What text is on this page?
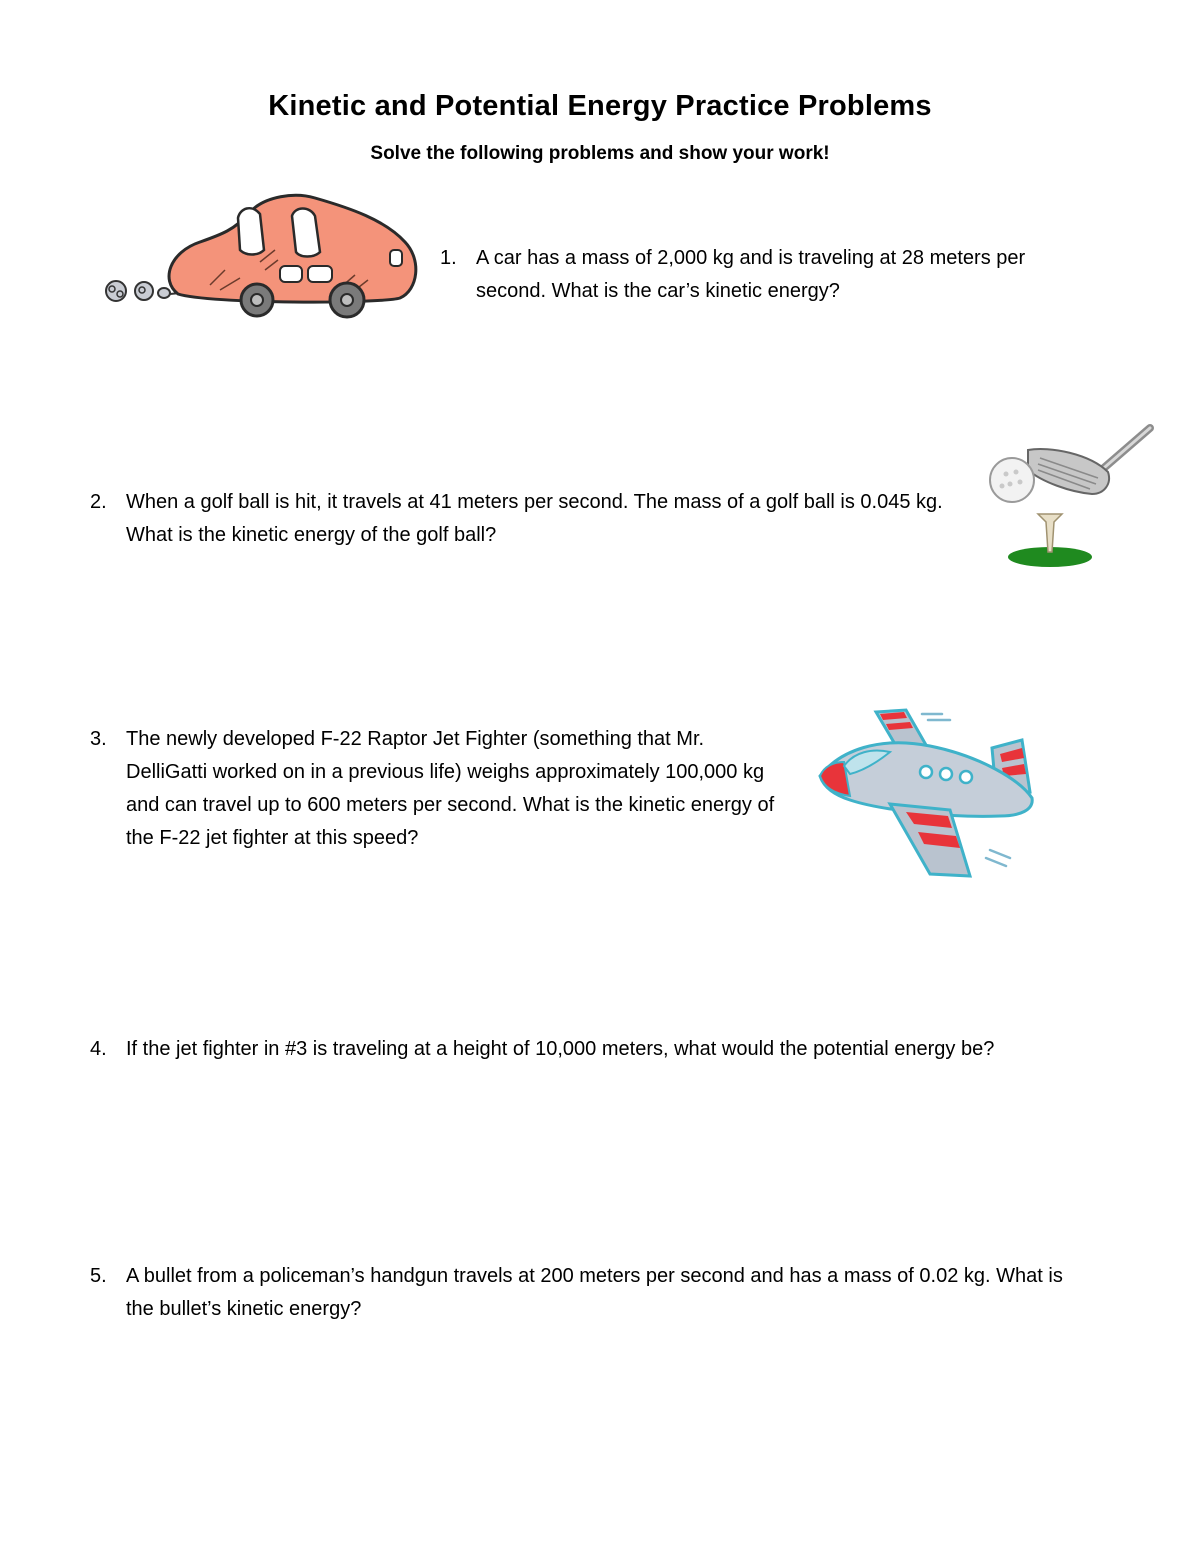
Kinetic and Potential Energy Practice Problems

Solve the following problems and show your work!

1. A car has a mass of 2,000 kg and is traveling at 28 meters per second. What is the car’s kinetic energy?
2. When a golf ball is hit, it travels at 41 meters per second. The mass of a golf ball is 0.045 kg. What is the kinetic energy of the golf ball?
3. The newly developed F-22 Raptor Jet Fighter (something that Mr. DelliGatti worked on in a previous life) weighs approximately 100,000 kg and can travel up to 600 meters per second. What is the kinetic energy of the F-22 jet fighter at this speed?
4. If the jet fighter in #3 is traveling at a height of 10,000 meters, what would the potential energy be?
5. A bullet from a policeman’s handgun travels at 200 meters per second and has a mass of 0.02 kg. What is the bullet’s kinetic energy?
